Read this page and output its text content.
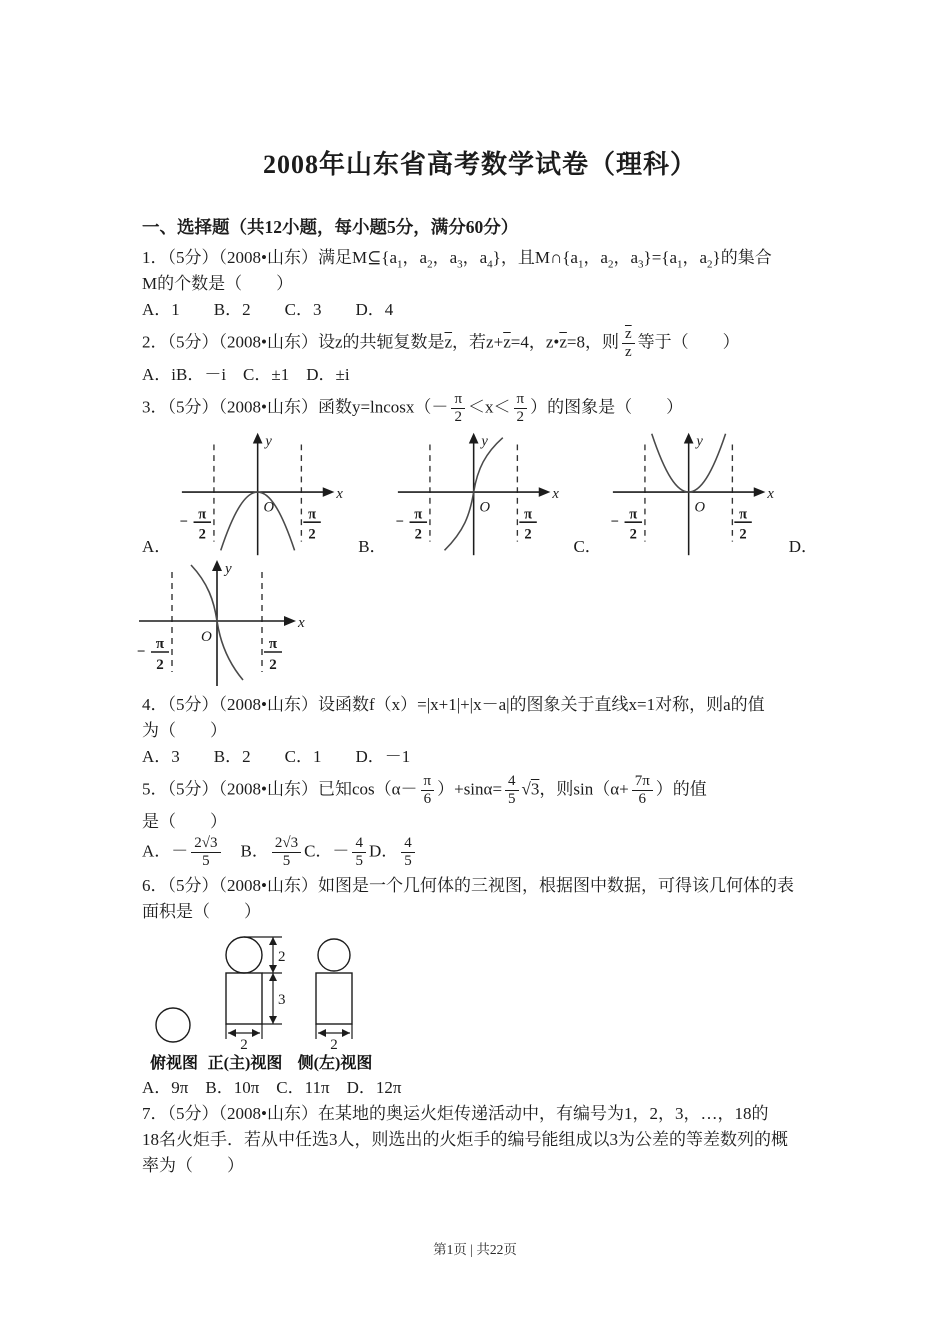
2008年山东省高考数学试卷（理科）
一、选择题（共12小题，每小题5分，满分60分）

1．（5分）（2008•山东）满足$M⊆\{a_1$，$a_2$，$a_3$，$a_4$}，且$M\cap\{a_1$，$a_2$，$a_3\}=\{a_1$，$a_2$}的集合

M的个数是（　　）

A．1　　B．2　　C．3　　D．4

2．（5分）（2008•山东）设z的共轭复数是$\overline{z}$，若$z+\overline{z}=4$，$z•\overline{z}=8$，则 $\frac{\overline{z}}{z}$ 等于（　　）

A．iB．－i　C．±1　D．±i

3．（5分）（2008•山东）函数$y=lncosx(- \frac{\pi}{2} <x< \frac{\pi}{2}$ ）的图象是（　　）

A．
y
x
O
− π
2
π
2
B．
y
x
O
− π
2
π
2
C．
y
x
O
− π
2
π
2
D．
y
x
O
− π
2
π
2

4．（5分）（2008•山东）设函数f（x）=|x+1|+|x－a|的图象关于直线x=1对称，则a的值

为（　　）

A．3　　B．2　　C．1　　D．－1

5．（5分）（2008•山东）已知$\cos(\alpha- \frac{\pi}{6} )+\sin\alpha= \frac{4}{5} √3$，则$\sin(\alpha+ \frac{7\pi}{6}$ ）的值

是（　　）

A．－ $\frac{2√3}{5}$ 　B． $\frac{2√3}{5}$ C．－ $\frac{4}{5}$ D． $\frac{4}{5}$

6．（5分）（2008•山东）如图是一个几何体的三视图，根据图中数据，可得该几何体的表

面积是（　　）

2
3
2	2
俯视图 正(主)视图 侧(左)视图

A．9π　B．10π　C．11π　D．12π

7．（5分）（2008•山东）在某地的奥运火炬传递活动中，有编号为1，2，3，…，18的

18名火炬手．若从中任选3人，则选出的火炬手的编号能组成以3为公差的等差数列的概

率为（　　）

第1页 | 共22页
